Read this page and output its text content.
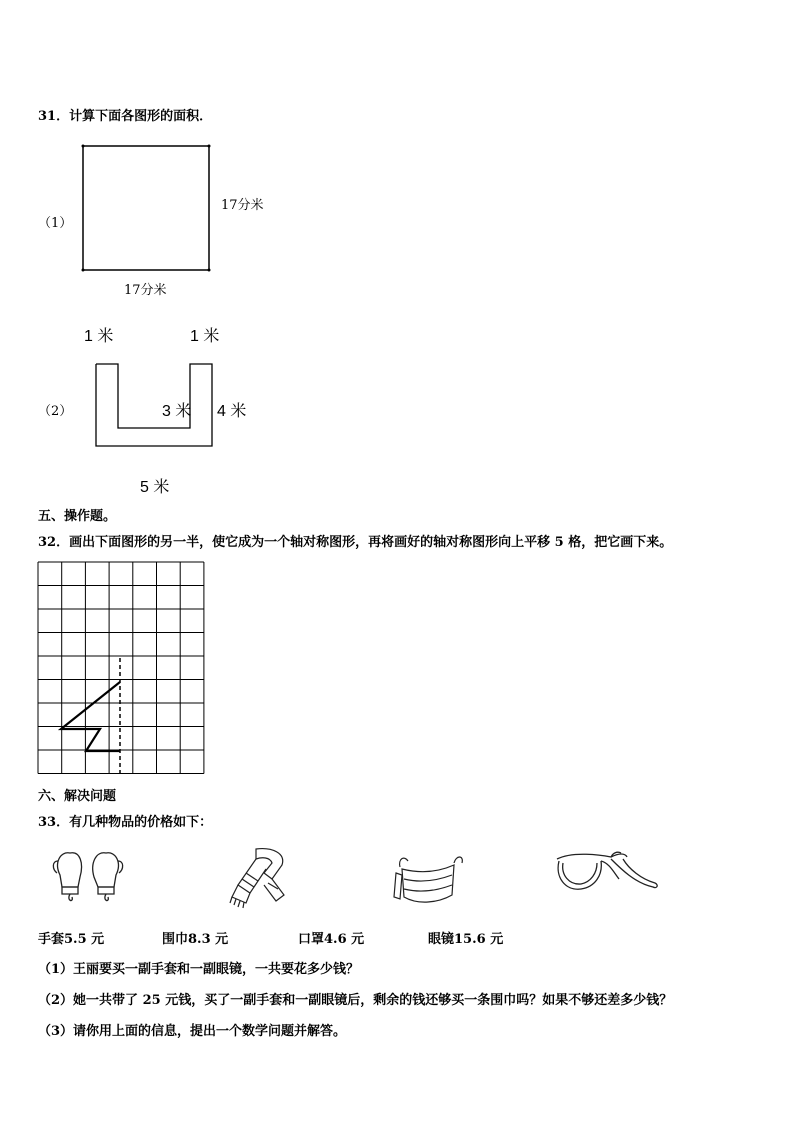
31．计算下面各图形的面积．
（1）
17分米
17分米
1 米	1 米
（2）	3 米 4 米
5 米
五、操作题。
32．画出下面图形的另一半，使它成为一个轴对称图形，再将画好的轴对称图形向上平移 5 格，把它画下来。
六、解决问题
33．有几种物品的价格如下：
手套5.5 元	围巾8.3 元	口罩4.6 元	眼镜15.6 元
（1）王丽要买一副手套和一副眼镜，一共要花多少钱？
（2）她一共带了 25 元钱，买了一副手套和一副眼镜后，剩余的钱还够买一条围巾吗？如果不够还差多少钱？
（3）请你用上面的信息，提出一个数学问题并解答。
